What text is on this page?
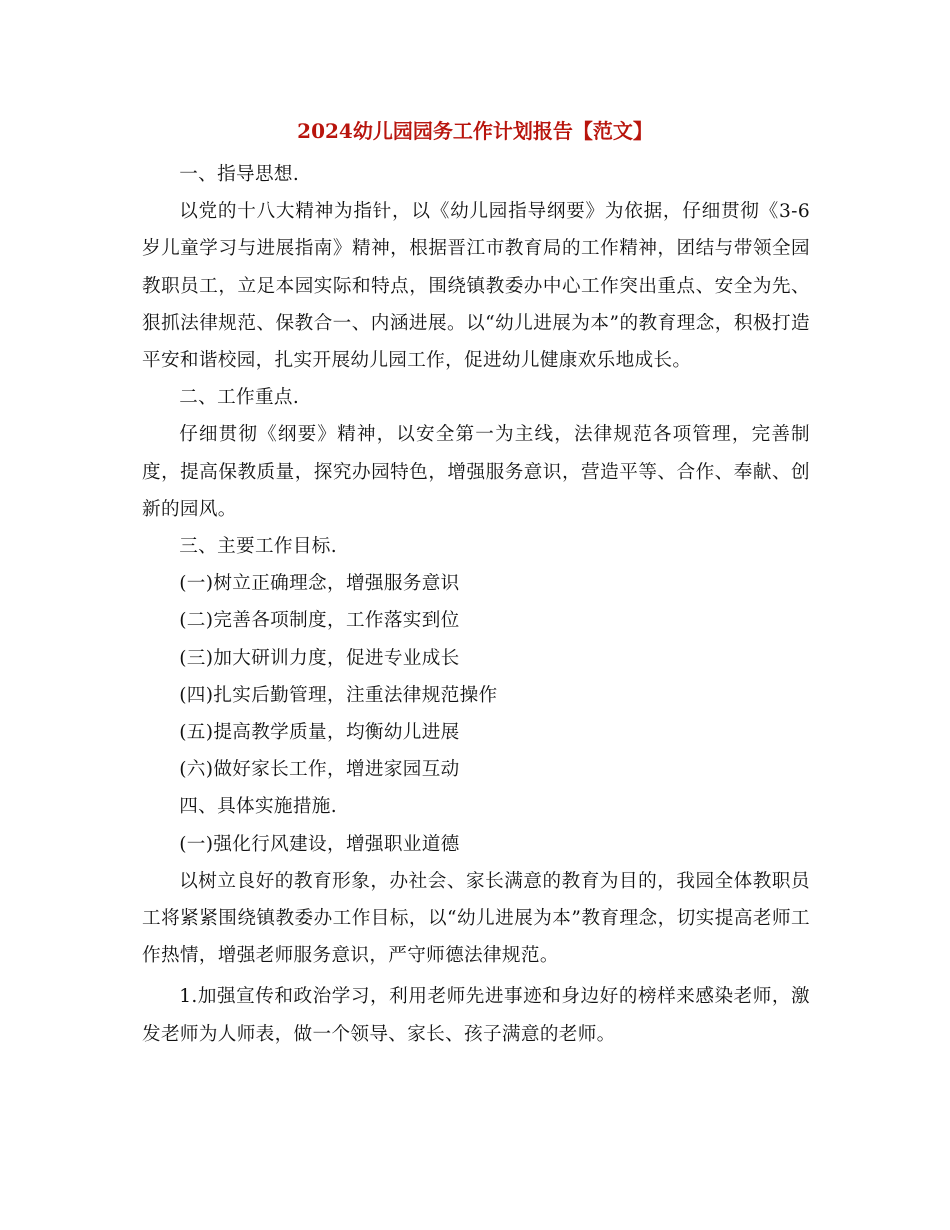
2024幼儿园园务工作计划报告【范文】

一、指导思想.

以党的十八大精神为指针，以《幼儿园指导纲要》为依据，仔细贯彻《3-6岁儿童学习与进展指南》精神，根据晋江市教育局的工作精神，团结与带领全园教职员工，立足本园实际和特点，围绕镇教委办中心工作突出重点、安全为先、狠抓法律规范、保教合一、内涵进展。以“幼儿进展为本”的教育理念，积极打造平安和谐校园，扎实开展幼儿园工作，促进幼儿健康欢乐地成长。

二、工作重点.

仔细贯彻《纲要》精神，以安全第一为主线，法律规范各项管理，完善制度，提高保教质量，探究办园特色，增强服务意识，营造平等、合作、奉献、创新的园风。

三、主要工作目标.

(一)树立正确理念，增强服务意识

(二)完善各项制度，工作落实到位

(三)加大研训力度，促进专业成长

(四)扎实后勤管理，注重法律规范操作

(五)提高教学质量，均衡幼儿进展

(六)做好家长工作，增进家园互动

四、具体实施措施.

(一)强化行风建设，增强职业道德

以树立良好的教育形象，办社会、家长满意的教育为目的，我园全体教职员工将紧紧围绕镇教委办工作目标，以“幼儿进展为本”教育理念，切实提高老师工作热情，增强老师服务意识，严守师德法律规范。

1.加强宣传和政治学习，利用老师先进事迹和身边好的榜样来感染老师，激发老师为人师表，做一个领导、家长、孩子满意的老师。
